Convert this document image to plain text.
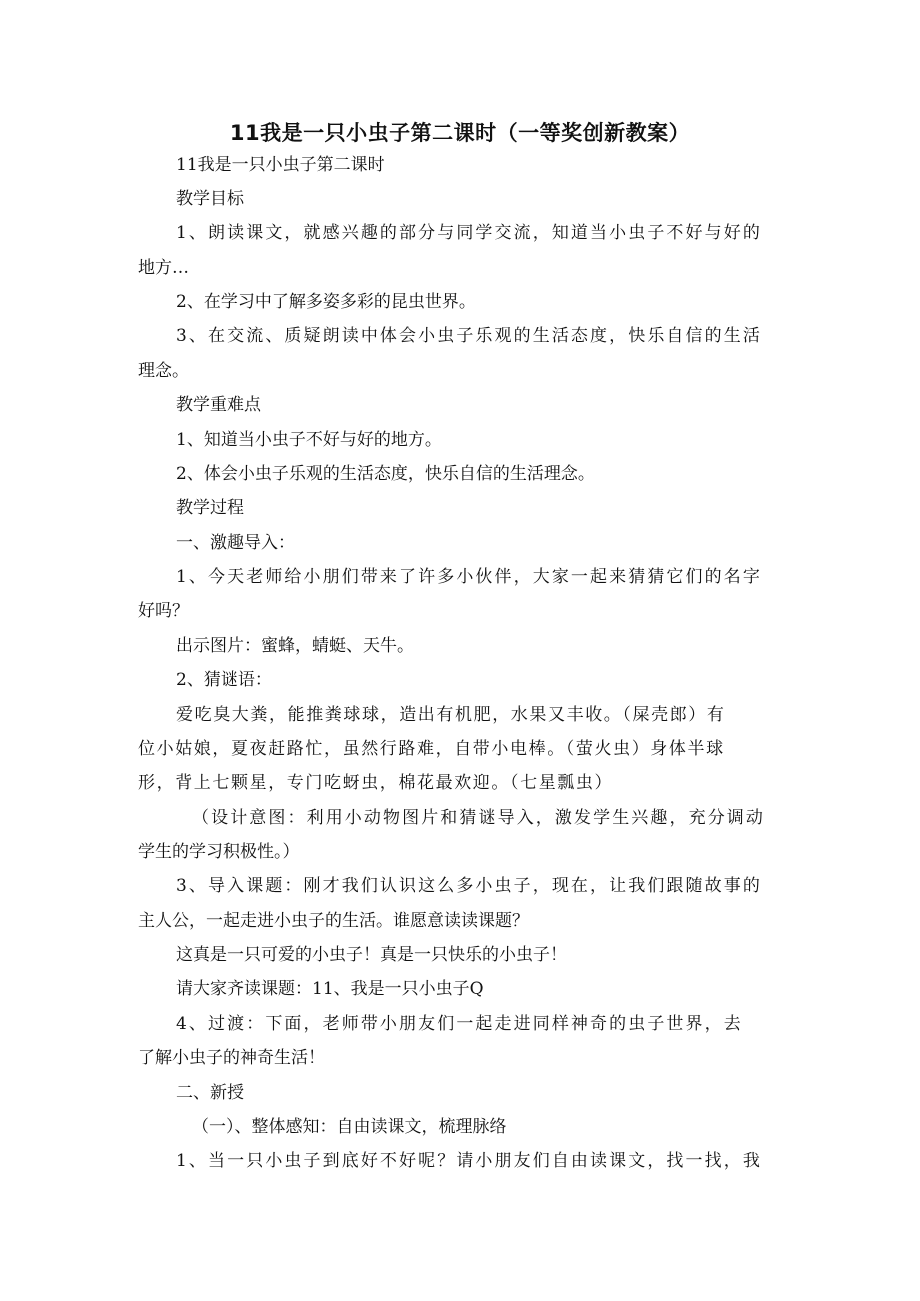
11我是一只小虫子第二课时（一等奖创新教案）

11我是一只小虫子第二课时

教学目标

1、朗读课文，就感兴趣的部分与同学交流，知道当小虫子不好与好的

地方…

2、在学习中了解多姿多彩的昆虫世界。

3、在交流、质疑朗读中体会小虫子乐观的生活态度，快乐自信的生活

理念。

教学重难点

1、知道当小虫子不好与好的地方。

2、体会小虫子乐观的生活态度，快乐自信的生活理念。

教学过程

一、激趣导入：

1、今天老师给小朋们带来了许多小伙伴，大家一起来猜猜它们的名字

好吗？

出示图片：蜜蜂，蜻蜓、天牛。

2、猜谜语：

爱吃臭大粪，能推粪球球，造出有机肥，水果又丰收。（屎壳郎）有

位小姑娘，夏夜赶路忙，虽然行路难，自带小电棒。（萤火虫）身体半球

形，背上七颗星，专门吃蚜虫，棉花最欢迎。（七星瓢虫）

（设计意图：利用小动物图片和猜谜导入，激发学生兴趣，充分调动

学生的学习积极性。）

3、导入课题：刚才我们认识这么多小虫子，现在，让我们跟随故事的

主人公，一起走进小虫子的生活。谁愿意读读课题？

这真是一只可爱的小虫子！真是一只快乐的小虫子！

请大家齐读课题：11、我是一只小虫子Q

4、过渡：下面，老师带小朋友们一起走进同样神奇的虫子世界，去

了解小虫子的神奇生活！

二、新授

（一）、整体感知：自由读课文，梳理脉络

1、当一只小虫子到底好不好呢？请小朋友们自由读课文，找一找，我
